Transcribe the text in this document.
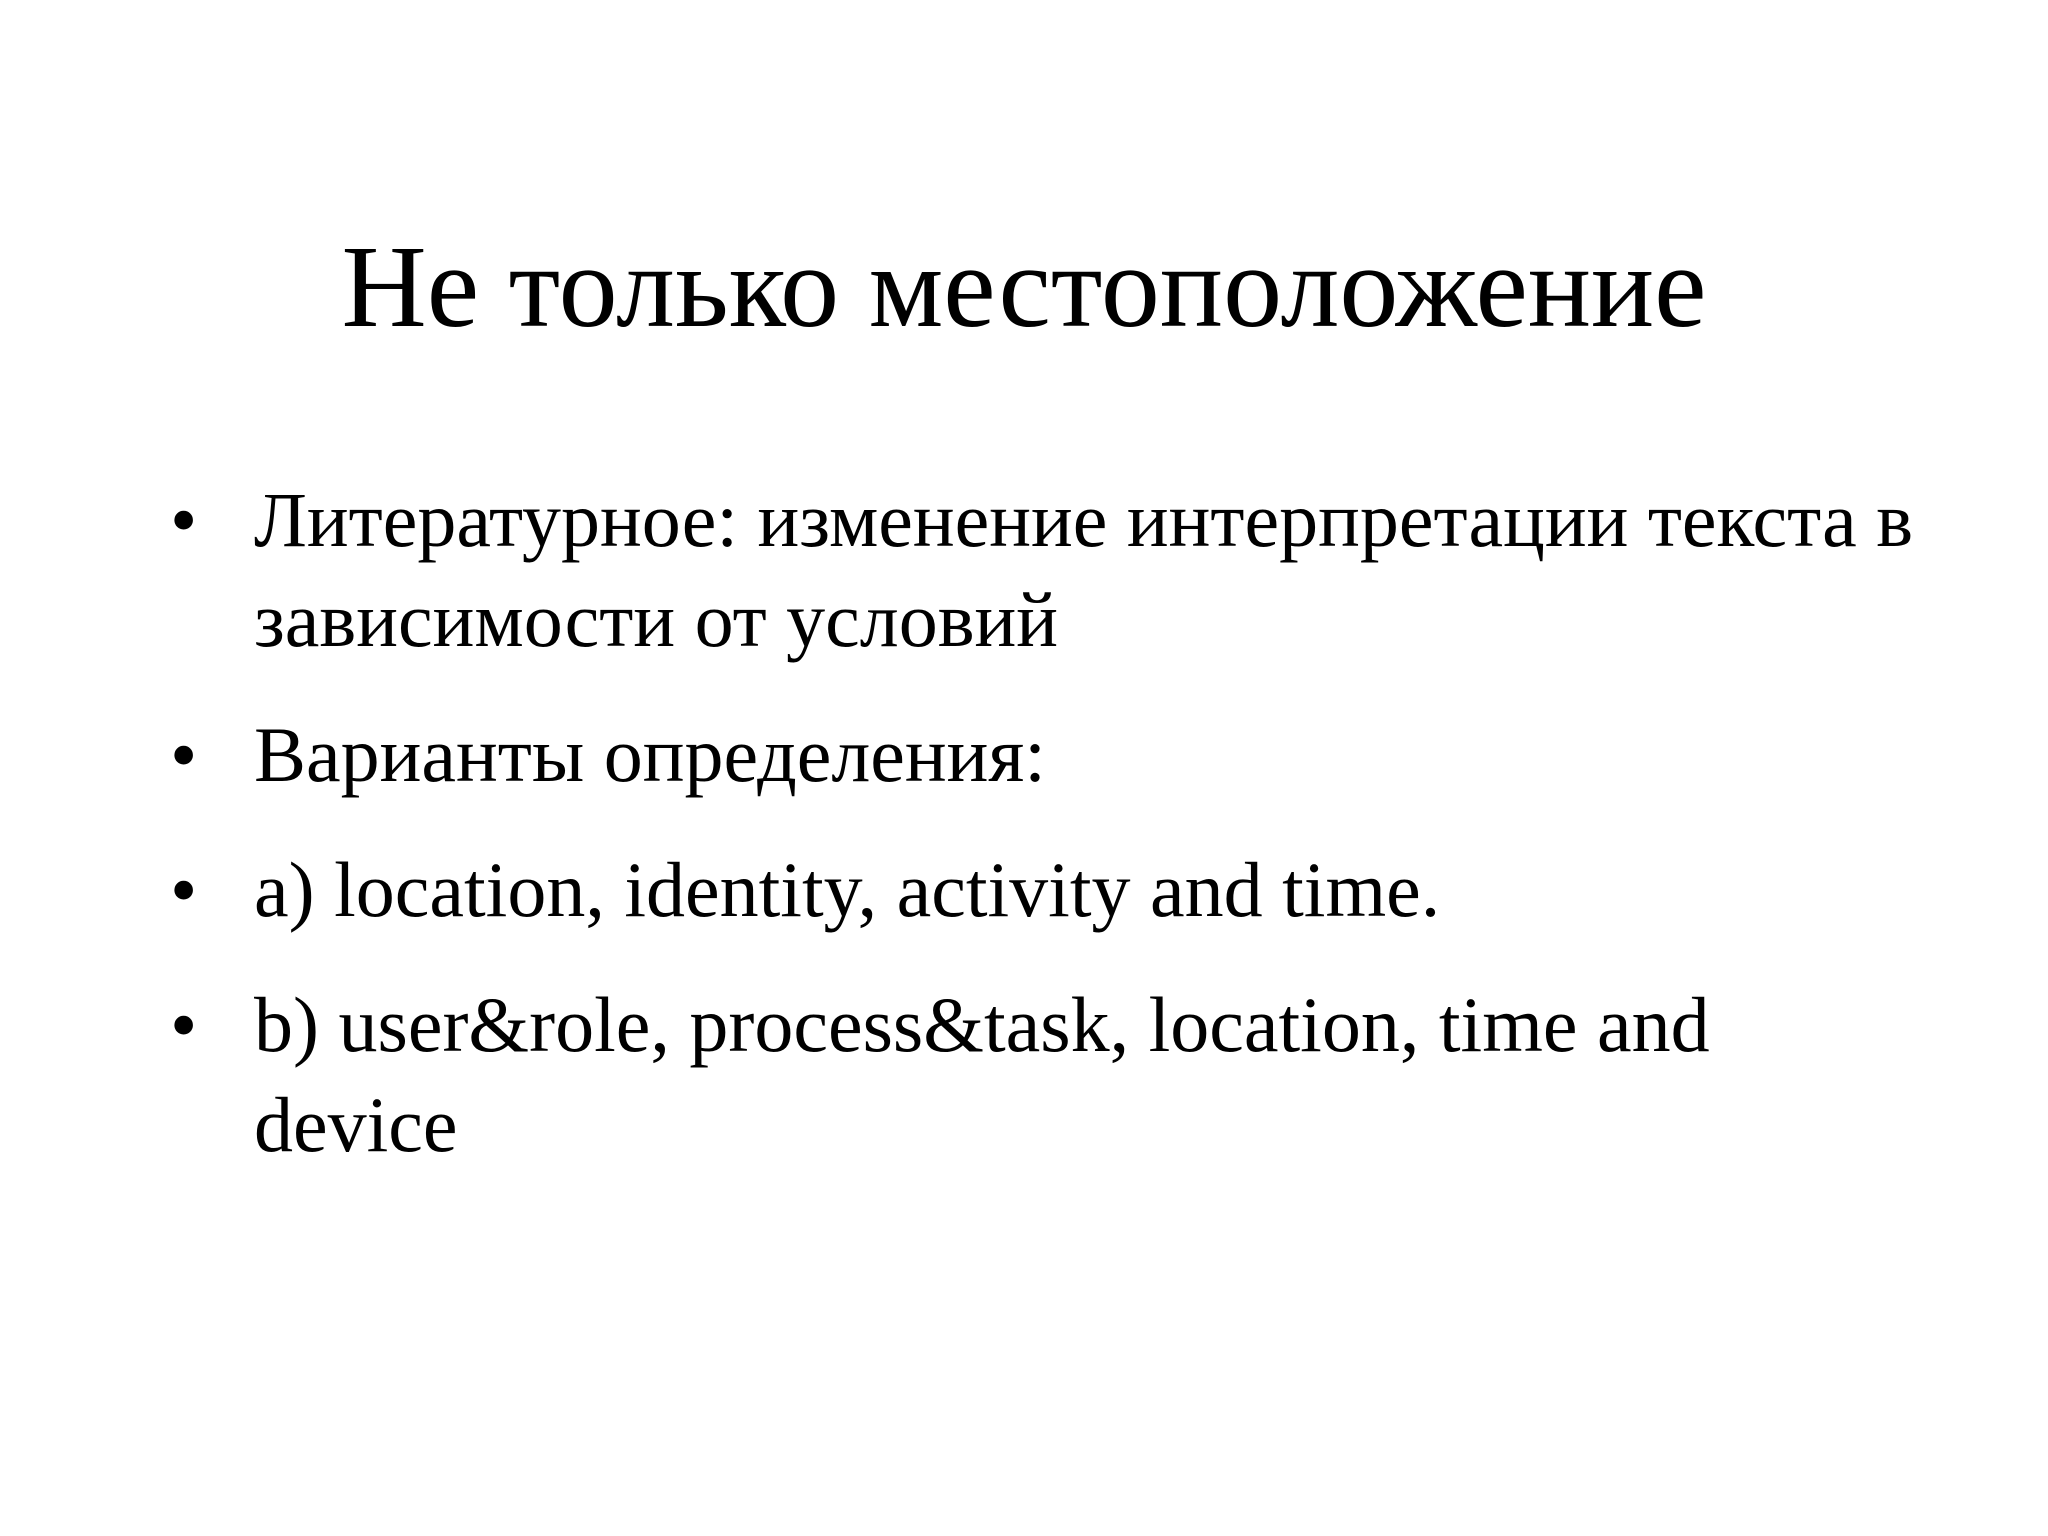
Не только местоположение
• Литературное: изменение интерпретации текста в зависимости от условий
• Варианты определения:
• a) location, identity, activity and time.
• b) user&role, process&task, location, time and device
